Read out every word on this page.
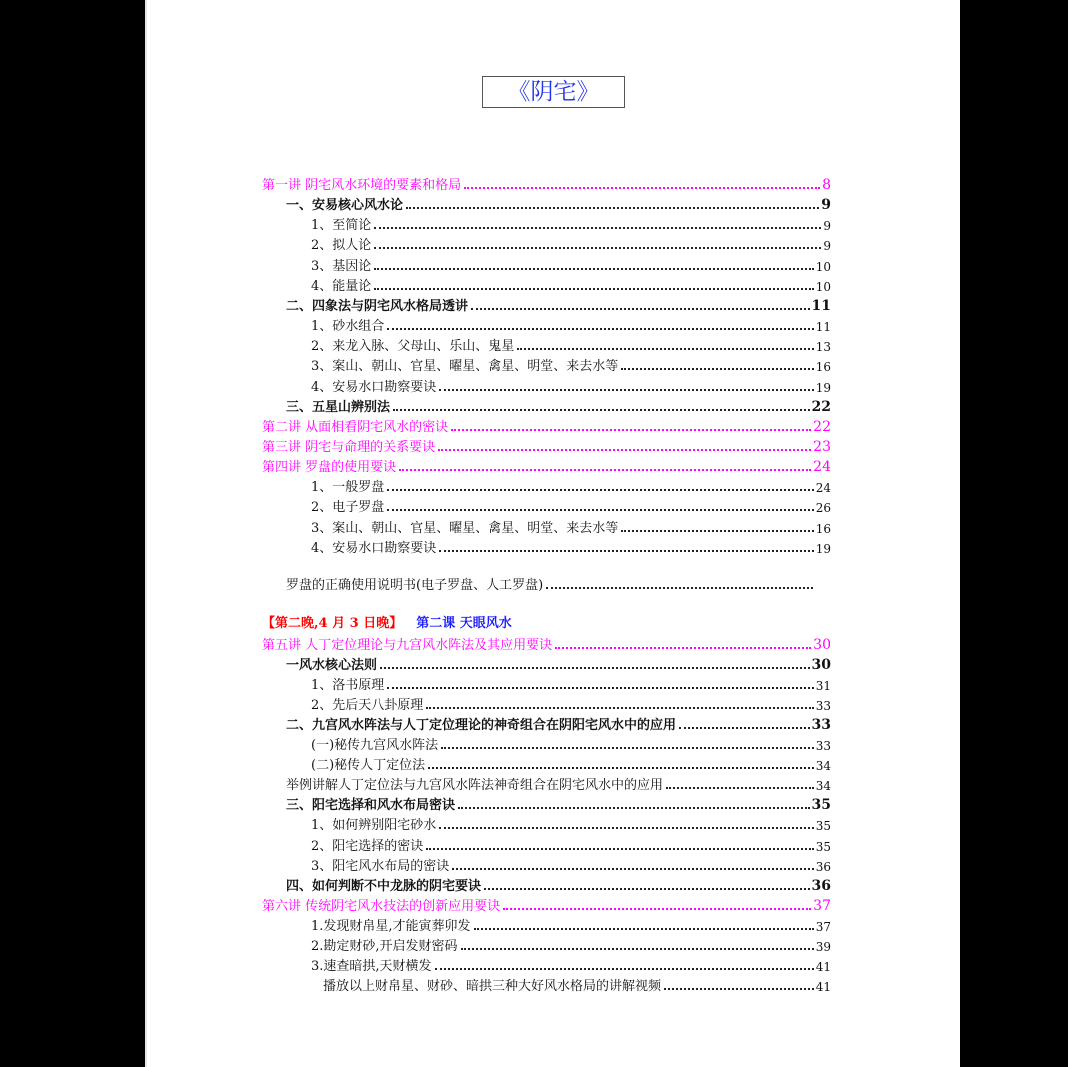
《阴宅》
第一讲 阴宅风水环境的要素和格局	8
一、安易核心风水论	9
1、至简论	9
2、拟人论	9
3、基因论	10
4、能量论	10
二、四象法与阴宅风水格局透讲	11
1、砂水组合	11
2、来龙入脉、父母山、乐山、鬼星	13
3、案山、朝山、官星、曜星、禽星、明堂、来去水等	16
4、安易水口勘察要诀	19
三、五星山辨别法	22
第二讲 从面相看阴宅风水的密诀	22
第三讲 阴宅与命理的关系要诀	23
第四讲 罗盘的使用要诀	24
1、一般罗盘	24
2、电子罗盘	26
3、案山、朝山、官星、曜星、禽星、明堂、来去水等	16
4、安易水口勘察要诀	19
罗盘的正确使用说明书(电子罗盘、人工罗盘)
第五讲 人丁定位理论与九宫风水阵法及其应用要诀	30
一风水核心法则	30
1、洛书原理	31
2、先后天八卦原理	33
二、九宫风水阵法与人丁定位理论的神奇组合在阴阳宅风水中的应用	33
(一)秘传九宫风水阵法	33
(二)秘传人丁定位法	34
举例讲解人丁定位法与九宫风水阵法神奇组合在阴宅风水中的应用	34
三、阳宅选择和风水布局密诀	35
1、如何辨别阳宅砂水	35
2、阳宅选择的密诀	35
3、阳宅风水布局的密诀	36
四、如何判断不中龙脉的阴宅要诀	36
第六讲 传统阴宅风水技法的创新应用要诀	37
1.发现财帛星,才能寅葬卯发	37
2.勘定财砂,开启发财密码	39
3.速查暗拱,天财横发	41
播放以上财帛星、财砂、暗拱三种大好风水格局的讲解视频	41
【第二晚,4 月 3 日晚】 第二课 天眼风水
